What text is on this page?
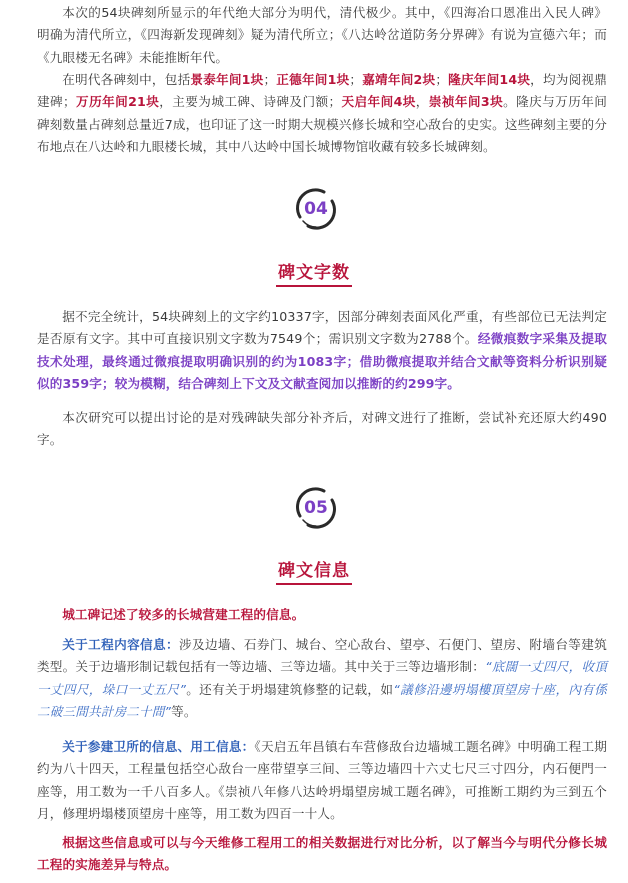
本次的54块碑刻所显示的年代绝大部分为明代，清代极少。其中，《四海冶口恩准出入民人碑》明确为清代所立，《四海新发现碑刻》疑为清代所立；《八达岭岔道防务分界碑》有说为宣德六年；而《九眼楼无名碑》未能推断年代。

在明代各碑刻中，包括景泰年间1块；正德年间1块；嘉靖年间2块；隆庆年间14块，均为阅视鼎建碑；万历年间21块，主要为城工碑、诗碑及门额；天启年间4块，崇祯年间3块。隆庆与万历年间碑刻数量占碑刻总量近7成，也印证了这一时期大规模兴修长城和空心敌台的史实。这些碑刻主要的分布地点在八达岭和九眼楼长城，其中八达岭中国长城博物馆收藏有较多长城碑刻。

04
碑文字数

据不完全统计，54块碑刻上的文字约10337字，因部分碑刻表面风化严重，有些部位已无法判定是否原有文字。其中可直接识别文字数为7549个；需识别文字数为2788个。经微痕数字采集及提取技术处理，最终通过微痕提取明确识别的约为1083字；借助微痕提取并结合文献等资料分析识别疑似的359字；较为模糊，结合碑刻上下文及文献查阅加以推断的约299字。

本次研究可以提出讨论的是对残碑缺失部分补齐后，对碑文进行了推断，尝试补充还原大约490字。

05
碑文信息

城工碑记述了较多的长城营建工程的信息。

关于工程内容信息：涉及边墙、石券门、城台、空心敌台、望亭、石便门、望房、附墙台等建筑类型。关于边墙形制记载包括有一等边墙、三等边墙。其中关于三等边墙形制：“底闊一丈四尺，收頂一丈四尺，垛口一丈五尺”。还有关于坍塌建筑修整的记载，如“議修沿邊坍塌樓頂望房十座，內有係二破三間共計房二十間”等。

关于参建卫所的信息、用工信息：《天启五年昌镇右车营修敌台边墙城工题名碑》中明确工程工期约为八十四天，工程量包括空心敌台一座带望享三间、三等边墙四十六丈七尺三寸四分，内石便門一座等，用工数为一千八百多人。《崇祯八年修八达岭坍塌望房城工题名碑》，可推断工期约为三到五个月，修理坍塌楼顶望房十座等，用工数为四百一十人。

根据这些信息或可以与今天维修工程用工的相关数据进行对比分析，以了解当今与明代分修长城工程的实施差异与特点。
